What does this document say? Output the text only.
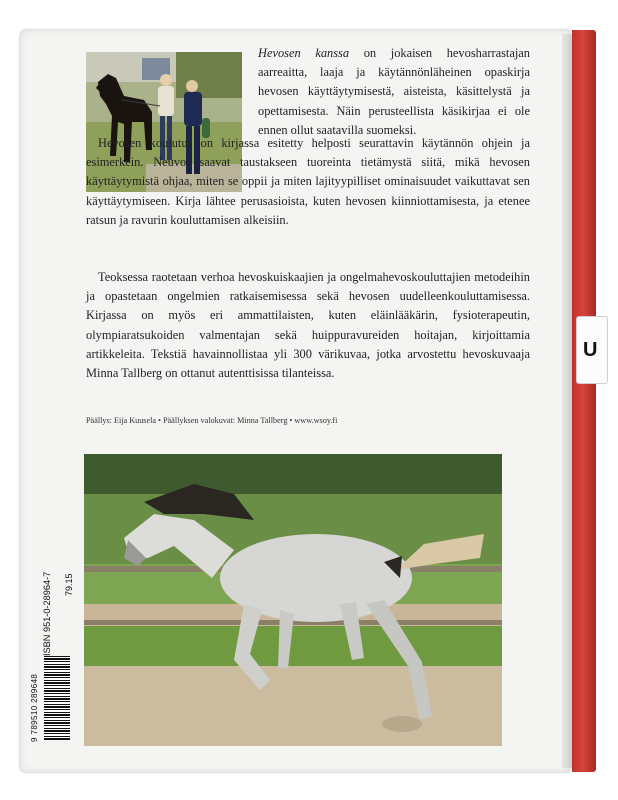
U

Hevosen kanssa on jokaisen hevosharrastajan aarreaitta, laaja ja käytännönläheinen opaskirja hevosen käyttäytymisestä, aisteista, käsittelystä ja opettamisesta. Näin perusteellista käsikirjaa ei ole ennen ollut saatavilla suomeksi.

Hevosen koulutus on kirjassa esitetty helposti seurattavin käytännön ohjein ja esimerkein. Neuvot saavat taustakseen tuoreinta tietämystä siitä, mikä hevosen käyttäytymistä ohjaa, miten se oppii ja miten lajityypilliset ominaisuudet vaikuttavat sen käyttäytymiseen. Kirja lähtee perusasioista, kuten hevosen kiinniottamisesta, ja etenee ratsun ja ravurin kouluttamisen alkeisiin.

Teoksessa raotetaan verhoa hevoskuiskaajien ja ongelmahevoskouluttajien metodeihin ja opastetaan ongelmien ratkaisemisessa sekä hevosen uudelleenkouluttamisessa. Kirjassa on myös eri ammattilaisten, kuten eläinlääkärin, fysioterapeutin, olympiaratsukoiden valmentajan sekä huippuravureiden hoitajan, kirjoittamia artikkeleita. Tekstiä havainnollistaa yli 300 värikuvaa, jotka arvostettu hevoskuvaaja Minna Tallberg on ottanut autenttisissa tilanteissa.

Päällys: Eija Kuusela • Päällyksen valokuvat: Minna Tallberg • www.wsoy.fi
ISBN 951-0-28964-7	79.15
9 789510 289648
